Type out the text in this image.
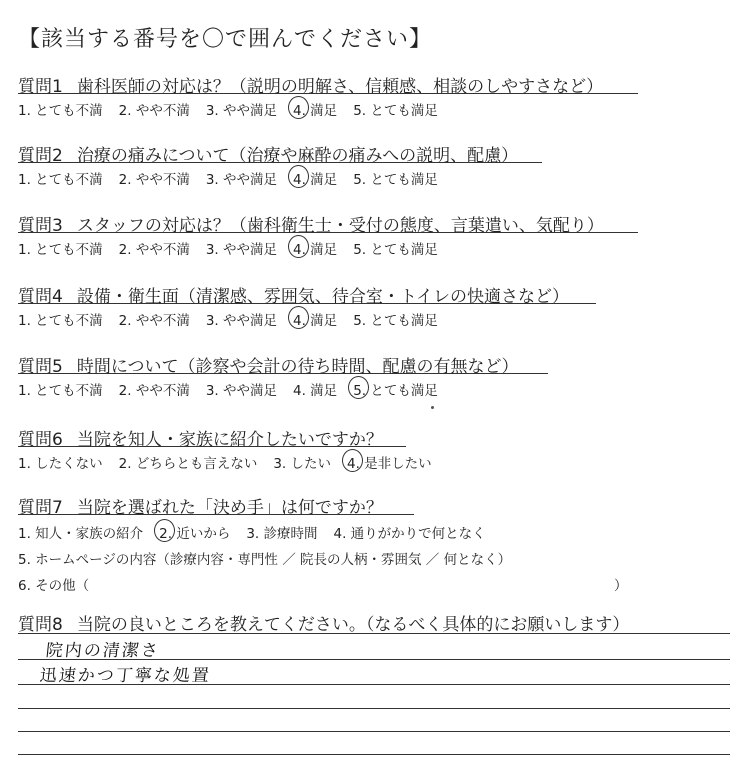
【該当する番号を〇で囲んでください】
質問1 歯科医師の対応は？（説明の明解さ、信頼感、相談のしやすさなど）
1. とても不満 2. やや不満 3. やや満足 4. 満足 5. とても満足
質問2 治療の痛みについて（治療や麻酔の痛みへの説明、配慮）
1. とても不満 2. やや不満 3. やや満足 4. 満足 5. とても満足
質問3 スタッフの対応は？（歯科衛生士・受付の態度、言葉遣い、気配り）
1. とても不満 2. やや不満 3. やや満足 4. 満足 5. とても満足
質問4 設備・衛生面（清潔感、雰囲気、待合室・トイレの快適さなど）
1. とても不満 2. やや不満 3. やや満足 4. 満足 5. とても満足
質問5 時間について（診察や会計の待ち時間、配慮の有無など）
1. とても不満 2. やや不満 3. やや満足 4. 満足 5. とても満足
質問6 当院を知人・家族に紹介したいですか？
1. したくない 2. どちらとも言えない 3. したい 4. 是非したい
質問7 当院を選ばれた「決め手」は何ですか？
1. 知人・家族の紹介 2. 近いから 3. 診療時間 4. 通りがかりで何となく
5. ホームページの内容（診療内容・専門性 ／ 院長の人柄・雰囲気 ／ 何となく）
6. その他（	）
質問8 当院の良いところを教えてください。（なるべく具体的にお願いします）
院内の清潔さ
迅速かつ丁寧な処置
